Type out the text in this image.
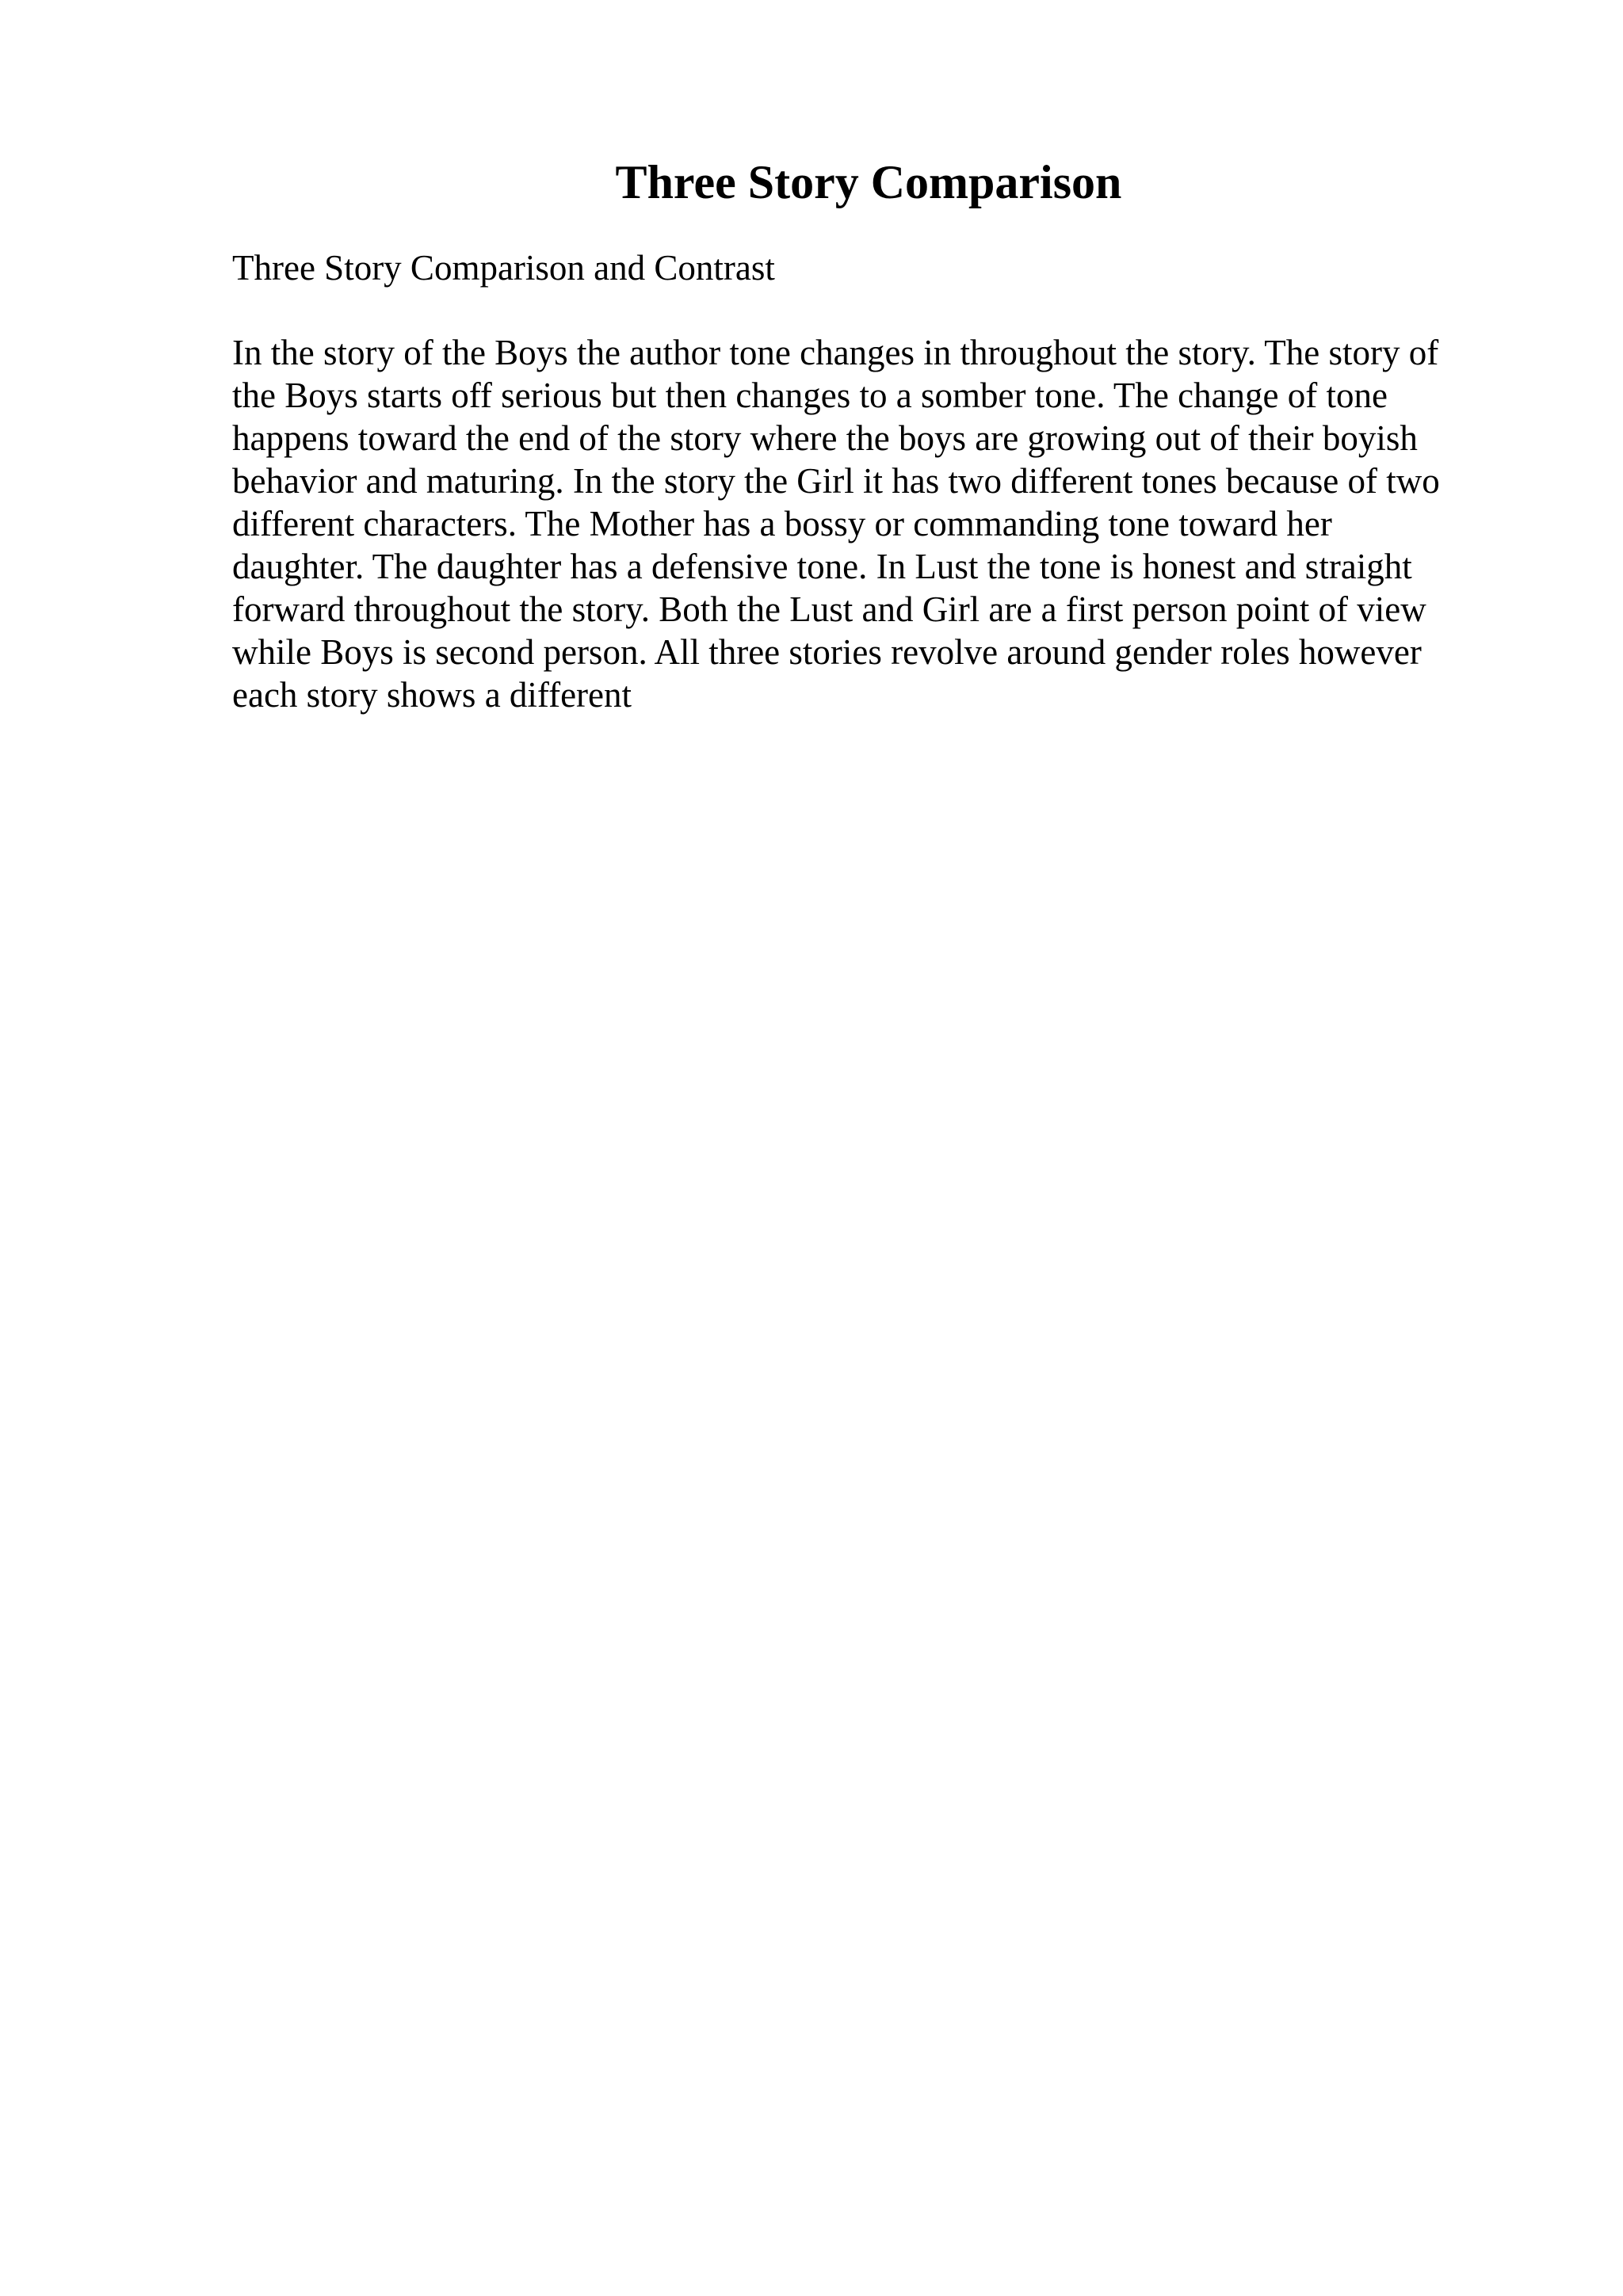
Three Story Comparison

Three Story Comparison and Contrast

In the story of the Boys the author tone changes in throughout the story. The story of
the Boys starts off serious but then changes to a somber tone. The change of tone
happens toward the end of the story where the boys are growing out of their boyish
behavior and maturing. In the story the Girl it has two different tones because of two
different characters. The Mother has a bossy or commanding tone toward her
daughter. The daughter has a defensive tone. In Lust the tone is honest and straight
forward throughout the story. Both the Lust and Girl are a first person point of view
while Boys is second person. All three stories revolve around gender roles however
each story shows a different
